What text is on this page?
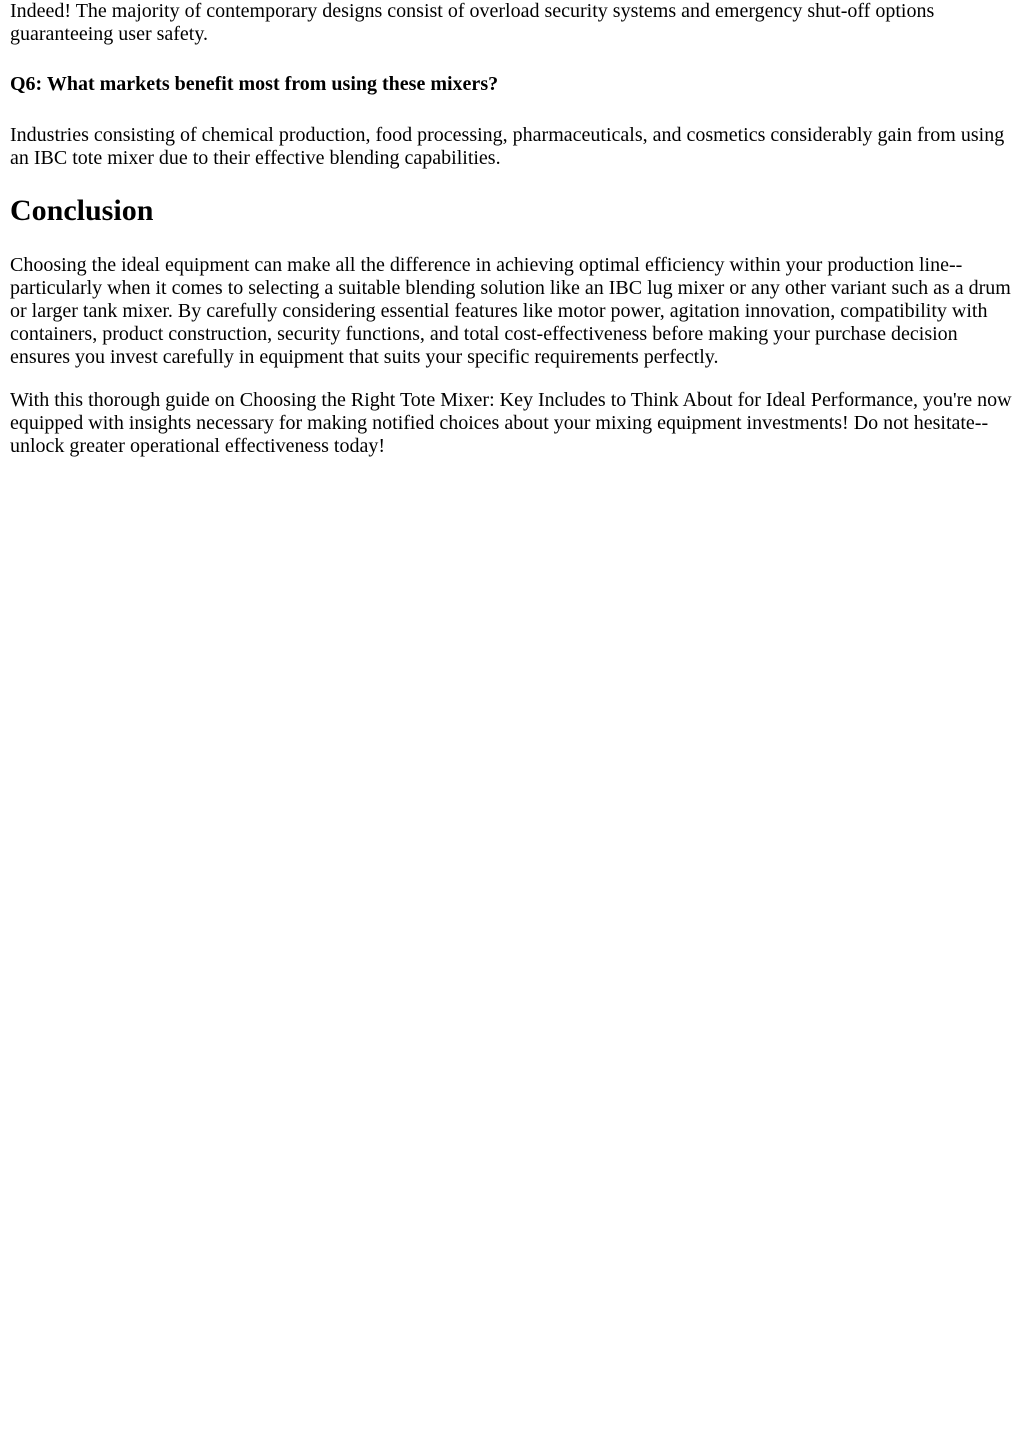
Indeed! The majority of contemporary designs consist of overload security systems and emergency shut-off options guaranteeing user safety.

Q6: What markets benefit most from using these mixers?

Industries consisting of chemical production, food processing, pharmaceuticals, and cosmetics considerably gain from using an IBC tote mixer due to their effective blending capabilities.

Conclusion

Choosing the ideal equipment can make all the difference in achieving optimal efficiency within your production line-- particularly when it comes to selecting a suitable blending solution like an IBC lug mixer or any other variant such as a drum or larger tank mixer. By carefully considering essential features like motor power, agitation innovation, compatibility with containers, product construction, security functions, and total cost-effectiveness before making your purchase decision ensures you invest carefully in equipment that suits your specific requirements perfectly.

With this thorough guide on Choosing the Right Tote Mixer: Key Includes to Think About for Ideal Performance, you're now equipped with insights necessary for making notified choices about your mixing equipment investments! Do not hesitate-- unlock greater operational effectiveness today!
